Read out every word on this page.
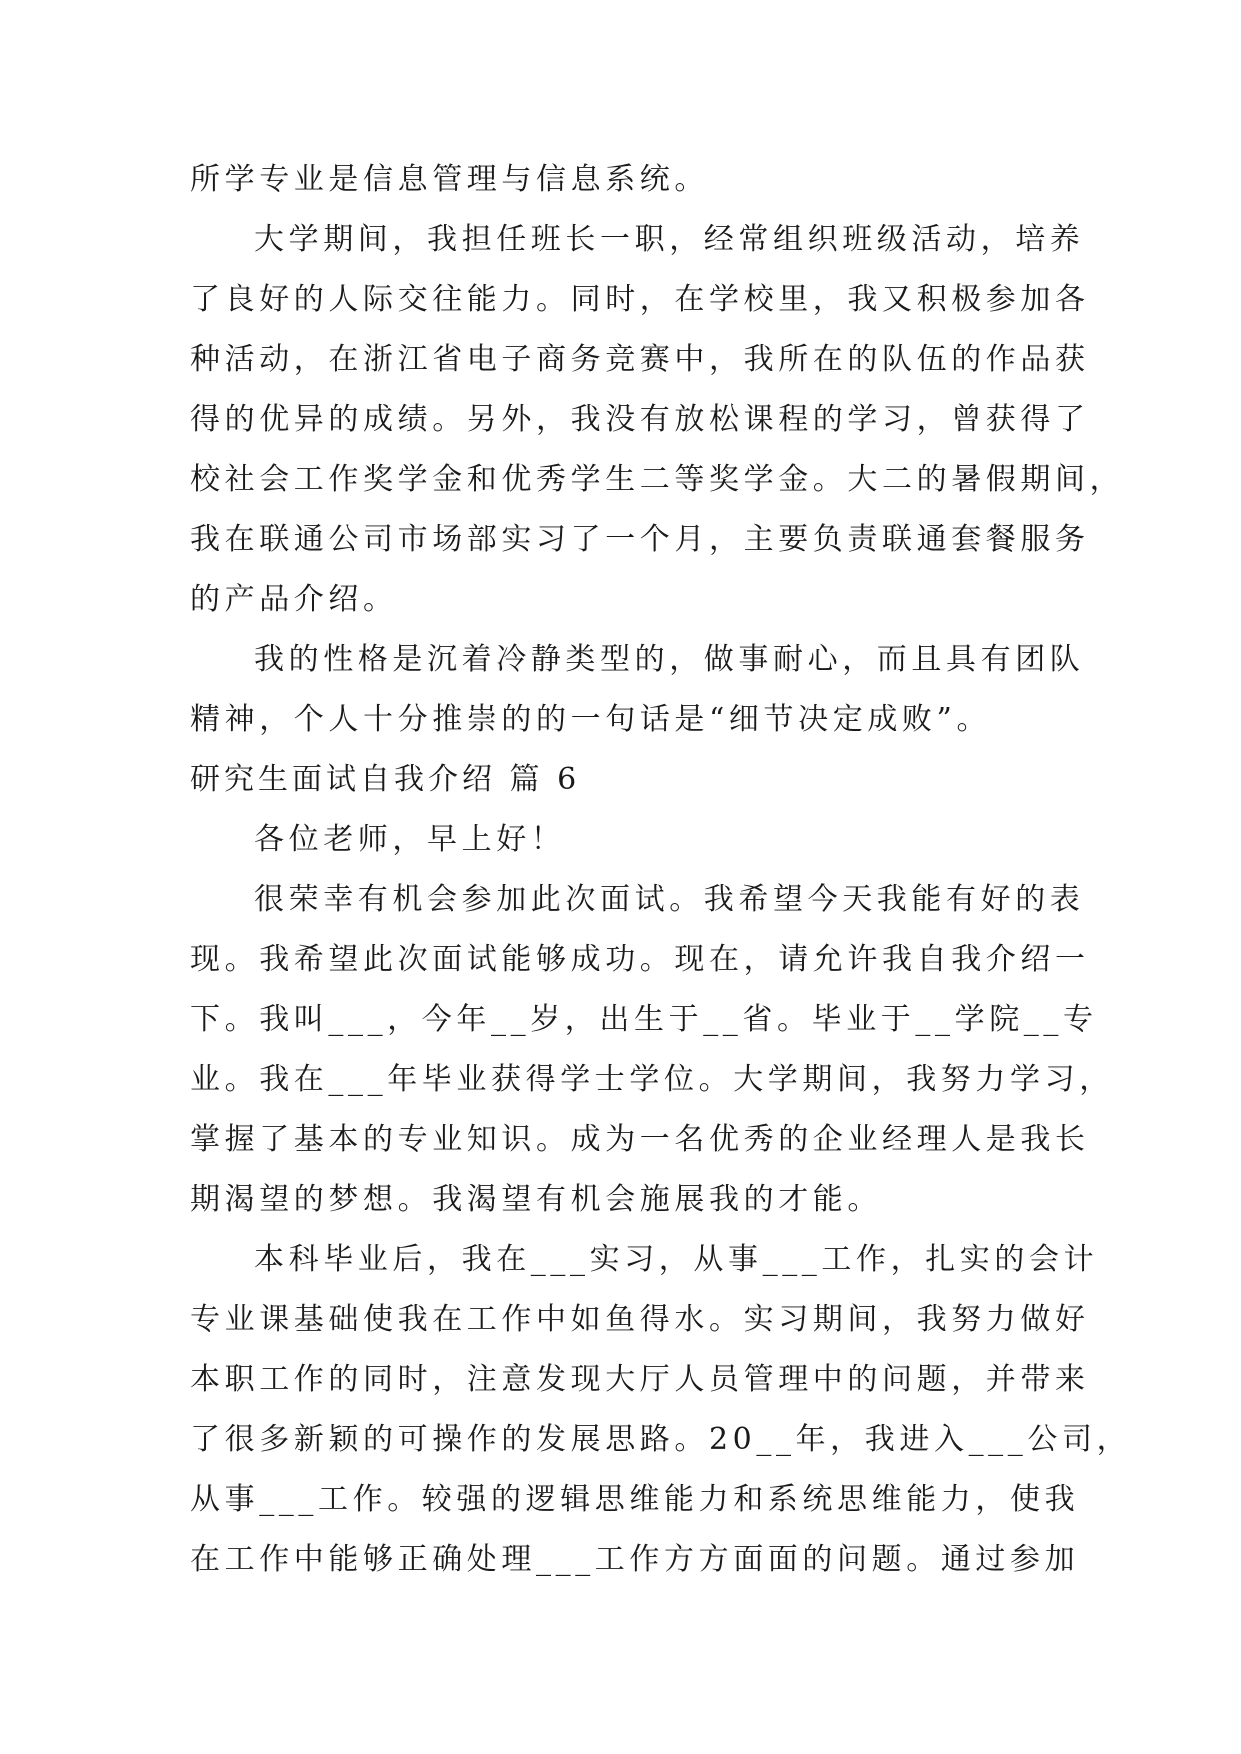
所学专业是信息管理与信息系统。
大学期间，我担任班长一职，经常组织班级活动，培养
了良好的人际交往能力。同时，在学校里，我又积极参加各
种活动，在浙江省电子商务竞赛中，我所在的队伍的作品获
得的优异的成绩。另外，我没有放松课程的学习，曾获得了
校社会工作奖学金和优秀学生二等奖学金。大二的暑假期间，
我在联通公司市场部实习了一个月，主要负责联通套餐服务
的产品介绍。
我的性格是沉着冷静类型的，做事耐心，而且具有团队
精神，个人十分推崇的的一句话是“细节决定成败”。
研究生面试自我介绍 篇 6
各位老师，早上好！
很荣幸有机会参加此次面试。我希望今天我能有好的表
现。我希望此次面试能够成功。现在，请允许我自我介绍一
下。我叫___，今年__岁，出生于__省。毕业于__学院__专
业。我在___年毕业获得学士学位。大学期间，我努力学习，
掌握了基本的专业知识。成为一名优秀的企业经理人是我长
期渴望的梦想。我渴望有机会施展我的才能。
本科毕业后，我在___实习，从事___工作，扎实的会计
专业课基础使我在工作中如鱼得水。实习期间，我努力做好
本职工作的同时，注意发现大厅人员管理中的问题，并带来
了很多新颖的可操作的发展思路。20__年，我进入___公司，
从事___工作。较强的逻辑思维能力和系统思维能力，使我
在工作中能够正确处理___工作方方面面的问题。通过参加
